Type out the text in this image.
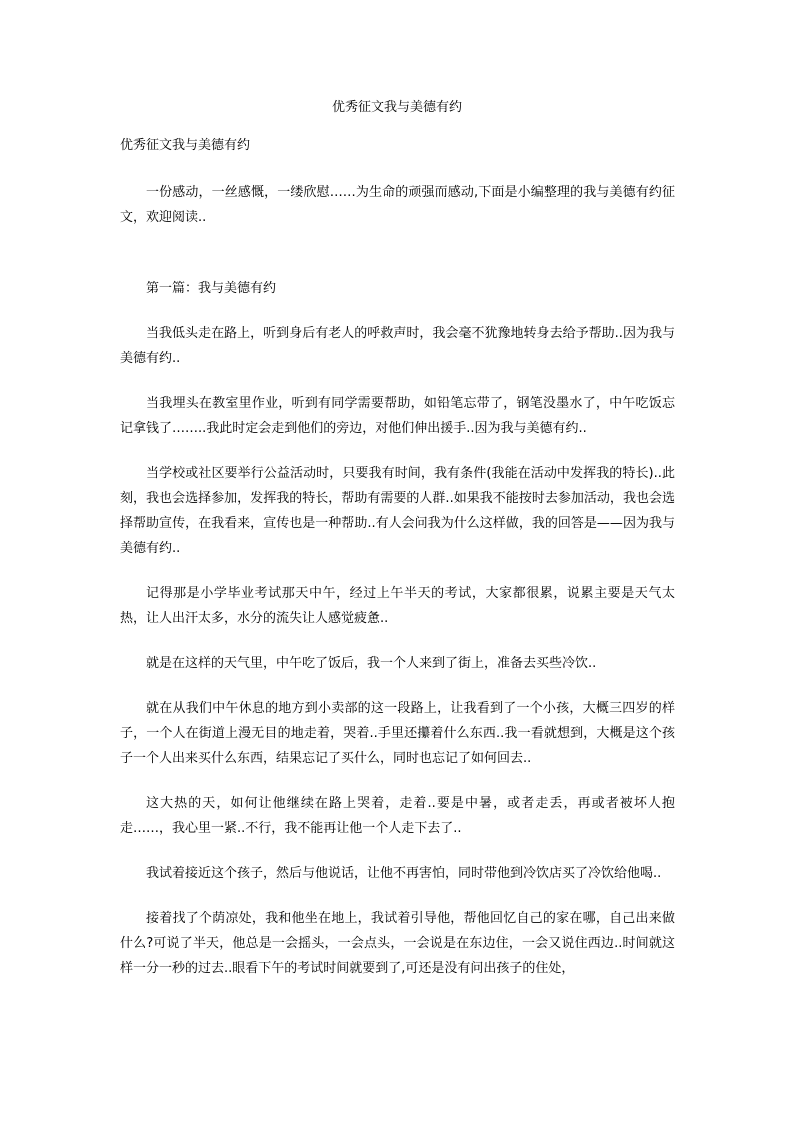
优秀征文我与美德有约
优秀征文我与美德有约

一份感动，一丝感慨，一缕欣慰……为生命的顽强而感动,下面是小编整理的我与美德有约征文，欢迎阅读..

第一篇：我与美德有约

当我低头走在路上，听到身后有老人的呼救声时，我会毫不犹豫地转身去给予帮助..因为我与美德有约..

当我埋头在教室里作业，听到有同学需要帮助，如铅笔忘带了，钢笔没墨水了，中午吃饭忘记拿钱了……..我此时定会走到他们的旁边，对他们伸出援手..因为我与美德有约..

当学校或社区要举行公益活动时，只要我有时间，我有条件(我能在活动中发挥我的特长)..此刻，我也会选择参加，发挥我的特长，帮助有需要的人群..如果我不能按时去参加活动，我也会选择帮助宣传，在我看来，宣传也是一种帮助..有人会问我为什么这样做，我的回答是——因为我与美德有约..

记得那是小学毕业考试那天中午，经过上午半天的考试，大家都很累，说累主要是天气太热，让人出汗太多，水分的流失让人感觉疲惫..

就是在这样的天气里，中午吃了饭后，我一个人来到了街上，准备去买些冷饮..

就在从我们中午休息的地方到小卖部的这一段路上，让我看到了一个小孩，大概三四岁的样子，一个人在街道上漫无目的地走着，哭着..手里还攥着什么东西..我一看就想到，大概是这个孩子一个人出来买什么东西，结果忘记了买什么，同时也忘记了如何回去..

这大热的天，如何让他继续在路上哭着，走着..要是中暑，或者走丢，再或者被坏人抱走……，我心里一紧..不行，我不能再让他一个人走下去了..

我试着接近这个孩子，然后与他说话，让他不再害怕，同时带他到冷饮店买了冷饮给他喝..

接着找了个荫凉处，我和他坐在地上，我试着引导他，帮他回忆自己的家在哪，自己出来做什么?可说了半天，他总是一会摇头，一会点头，一会说是在东边住，一会又说住西边..时间就这样一分一秒的过去..眼看下午的考试时间就要到了,可还是没有问出孩子的住处，
